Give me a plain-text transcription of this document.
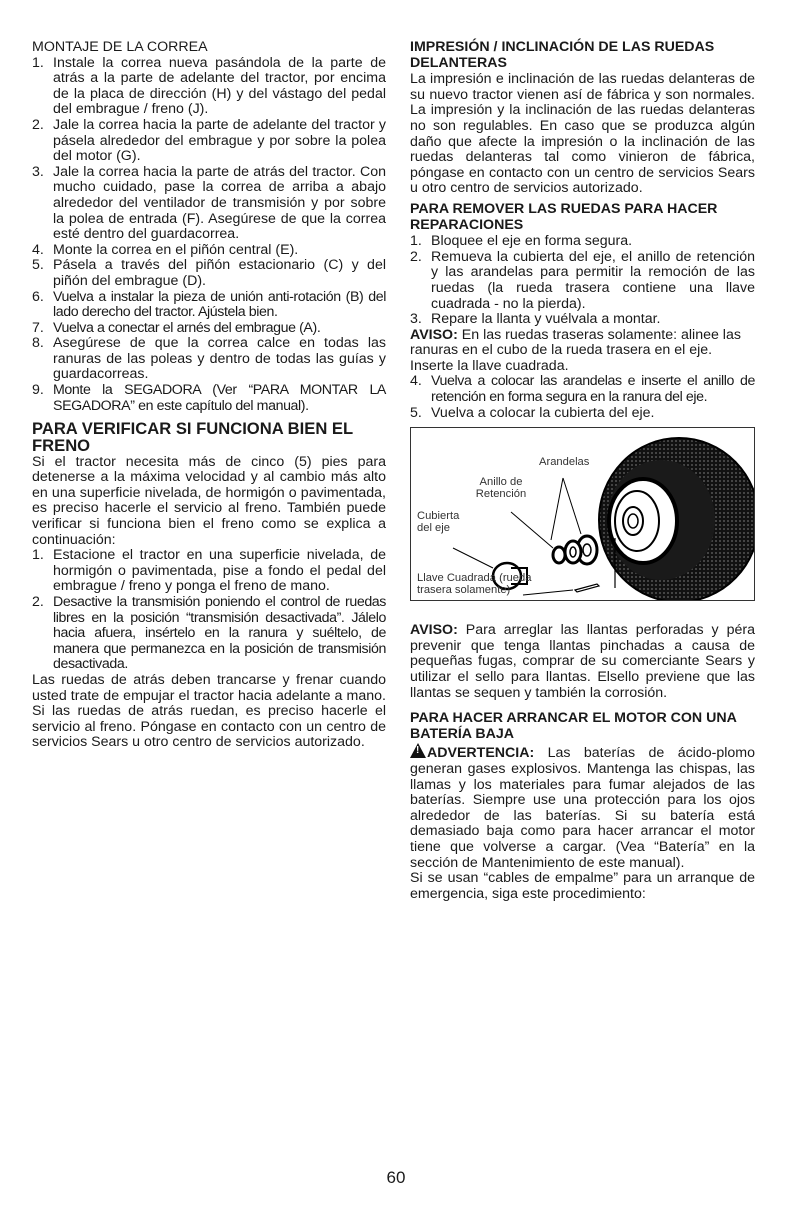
MONTAJE DE LA CORREA

1. Instale la correa nueva pasándola de la parte de atrás a la parte de adelante del tractor, por encima de la placa de dirección (H) y del vástago del pedal del embrague / freno (J).
2. Jale la correa hacia la parte de adelante del tractor y pásela alrededor del embrague y por sobre la polea del motor (G).
3. Jale la correa hacia la parte de atrás del tractor. Con mucho cuidado, pase la correa de arriba a abajo alrededor del ventilador de transmisión y por sobre la polea de entrada (F). Asegúrese de que la correa esté dentro del guardacorrea.
4. Monte la correa en el piñón central (E).
5. Pásela a través del piñón estacionario (C) y del piñón del embrague (D).
6. Vuelva a instalar la pieza de unión anti-rotación (B) del lado derecho del tractor. Ajústela bien.
7. Vuelva a conectar el arnés del embrague (A).
8. Asegúrese de que la correa calce en todas las ranuras de las poleas y dentro de todas las guías y guardacorreas.
9. Monte la SEGADORA (Ver “PARA MONTAR LA SEGADORA” en este capítulo del manual).
PARA VERIFICAR SI FUNCIONA BIEN EL FRENO

Si el tractor necesita más de cinco (5) pies para detenerse a la máxima velocidad y al cambio más alto en una superficie nivelada, de hormigón o pavimentada, es preciso hacerle el servicio al freno. También puede verificar si funciona bien el freno como se explica a continuación:

1. Estacione el tractor en una superficie nivelada, de hormigón o pavimentada, pise a fondo el pedal del embrague / freno y ponga el freno de mano.
2. Desactive la transmisión poniendo el control de ruedas libres en la posición “transmisión desactivada”. Jálelo hacia afuera, insértelo en la ranura y suéltelo, de manera que permanezca en la posición de transmisión desactivada.

Las ruedas de atrás deben trancarse y frenar cuando usted trate de empujar el tractor hacia adelante a mano. Si las ruedas de atrás ruedan, es preciso hacerle el servicio al freno. Póngase en contacto con un centro de servicios Sears u otro centro de servicios autorizado.

IMPRESIÓN / INCLINACIÓN DE LAS RUEDAS DELANTERAS

La impresión e inclinación de las ruedas delanteras de su nuevo tractor vienen así de fábrica y son normales. La impresión y la inclinación de las ruedas delanteras no son regulables. En caso que se produzca algún daño que afecte la impresión o la inclinación de las ruedas delanteras tal como vinieron de fábrica, póngase en contacto con un centro de servicios Sears u otro centro de servicios autorizado.

PARA REMOVER LAS RUEDAS PARA HACER REPARACIONES
1. Bloquee el eje en forma segura.
2. Remueva la cubierta del eje, el anillo de retención y las arandelas para permitir la remoción de las ruedas (la rueda trasera contiene una llave cuadrada - no la pierda).
3. Repare la llanta y vuélvala a montar.

AVISO: En las ruedas traseras solamente: alinee las ranuras en el cubo de la rueda trasera en el eje. Inserte la llave cuadrada.

4. Vuelva a colocar las arandelas e inserte el anillo de retención en forma segura en la ranura del eje.
5. Vuelva a colocar la cubierta del eje.
Arandelas
Anillo de Retención
Cubierta del eje
Llave Cuadrada (rueda trasera solamente)

AVISO: Para arreglar las llantas perforadas y péra prevenir que tenga llantas pinchadas a causa de pequeñas fugas, comprar de su comerciante Sears y utilizar el sello para llantas. Elsello previene que las llantas se sequen y también la corrosión.

PARA HACER ARRANCAR EL MOTOR CON UNA BATERÍA BAJA

! ADVERTENCIA: Las baterías de ácido-plomo generan gases explosivos. Mantenga las chispas, las llamas y los materiales para fumar alejados de las baterías. Siempre use una protección para los ojos alrededor de las baterías. Si su batería está demasiado baja como para hacer arrancar el motor tiene que volverse a cargar. (Vea “Batería” en la sección de Mantenimiento de este manual).

Si se usan “cables de empalme” para un arranque de emergencia, siga este procedimiento:

60
